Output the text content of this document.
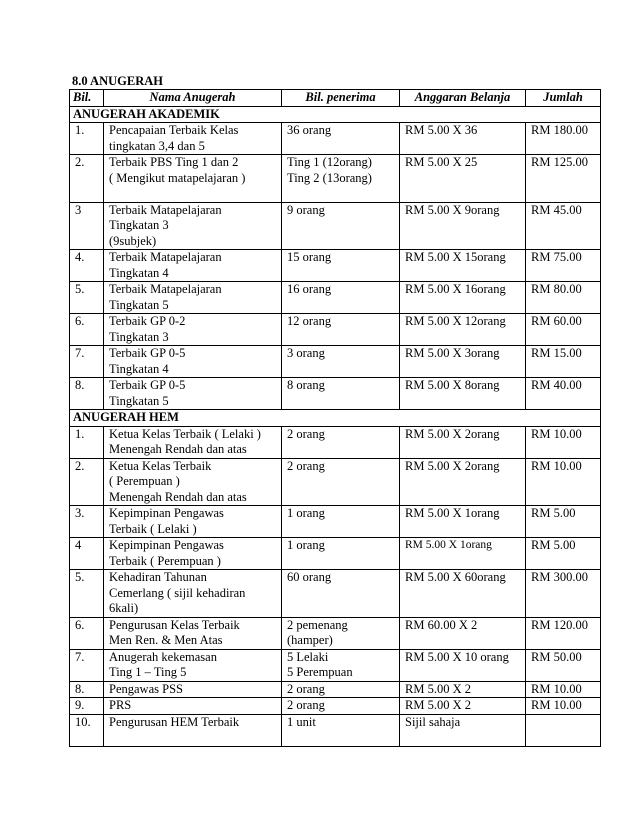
8.0 ANUGERAH
Bil.	Nama Anugerah	Bil. penerima	Anggaran Belanja	Jumlah
ANUGERAH AKADEMIK				
1.	Pencapaian Terbaik Kelas
tingkatan 3,4 dan 5	36 orang	RM 5.00 X 36	RM 180.00
2.	Terbaik PBS Ting 1 dan 2
( Mengikut matapelajaran )	Ting 1 (12orang)
Ting 2 (13orang)	RM 5.00 X 25	RM 125.00
3	Terbaik Matapelajaran
Tingkatan 3
(9subjek)	9 orang	RM 5.00 X 9orang	RM 45.00
4.	Terbaik Matapelajaran
Tingkatan 4	15 orang	RM 5.00 X 15orang	RM 75.00
5.	Terbaik Matapelajaran
Tingkatan 5	16 orang	RM 5.00 X 16orang	RM 80.00
6.	Terbaik GP 0-2
Tingkatan 3	12 orang	RM 5.00 X 12orang	RM 60.00
7.	Terbaik GP 0-5
Tingkatan 4	3 orang	RM 5.00 X 3orang	RM 15.00
8.	Terbaik GP 0-5
Tingkatan 5	8 orang	RM 5.00 X 8orang	RM 40.00
ANUGERAH HEM				
1.	Ketua Kelas Terbaik ( Lelaki )
Menengah Rendah dan atas	2 orang	RM 5.00 X 2orang	RM 10.00
2.	Ketua Kelas Terbaik
( Perempuan )
Menengah Rendah dan atas	2 orang	RM 5.00 X 2orang	RM 10.00
3.	Kepimpinan Pengawas
Terbaik ( Lelaki )	1 orang	RM 5.00 X 1orang	RM 5.00
4	Kepimpinan Pengawas
Terbaik ( Perempuan )	1 orang	RM 5.00 X 1orang	RM 5.00
5.	Kehadiran Tahunan
Cemerlang ( sijil kehadiran
6kali)	60 orang	RM 5.00 X 60orang	RM 300.00
6.	Pengurusan Kelas Terbaik
Men Ren. & Men Atas	2 pemenang
(hamper)	RM 60.00 X 2	RM 120.00
7.	Anugerah kekemasan
Ting 1 – Ting 5	5 Lelaki
5 Perempuan	RM 5.00 X 10 orang	RM 50.00
8.	Pengawas PSS	2 orang	RM 5.00 X 2	RM 10.00
9.	PRS	2 orang	RM 5.00 X 2	RM 10.00
10.	Pengurusan HEM Terbaik	1 unit	Sijil sahaja	
